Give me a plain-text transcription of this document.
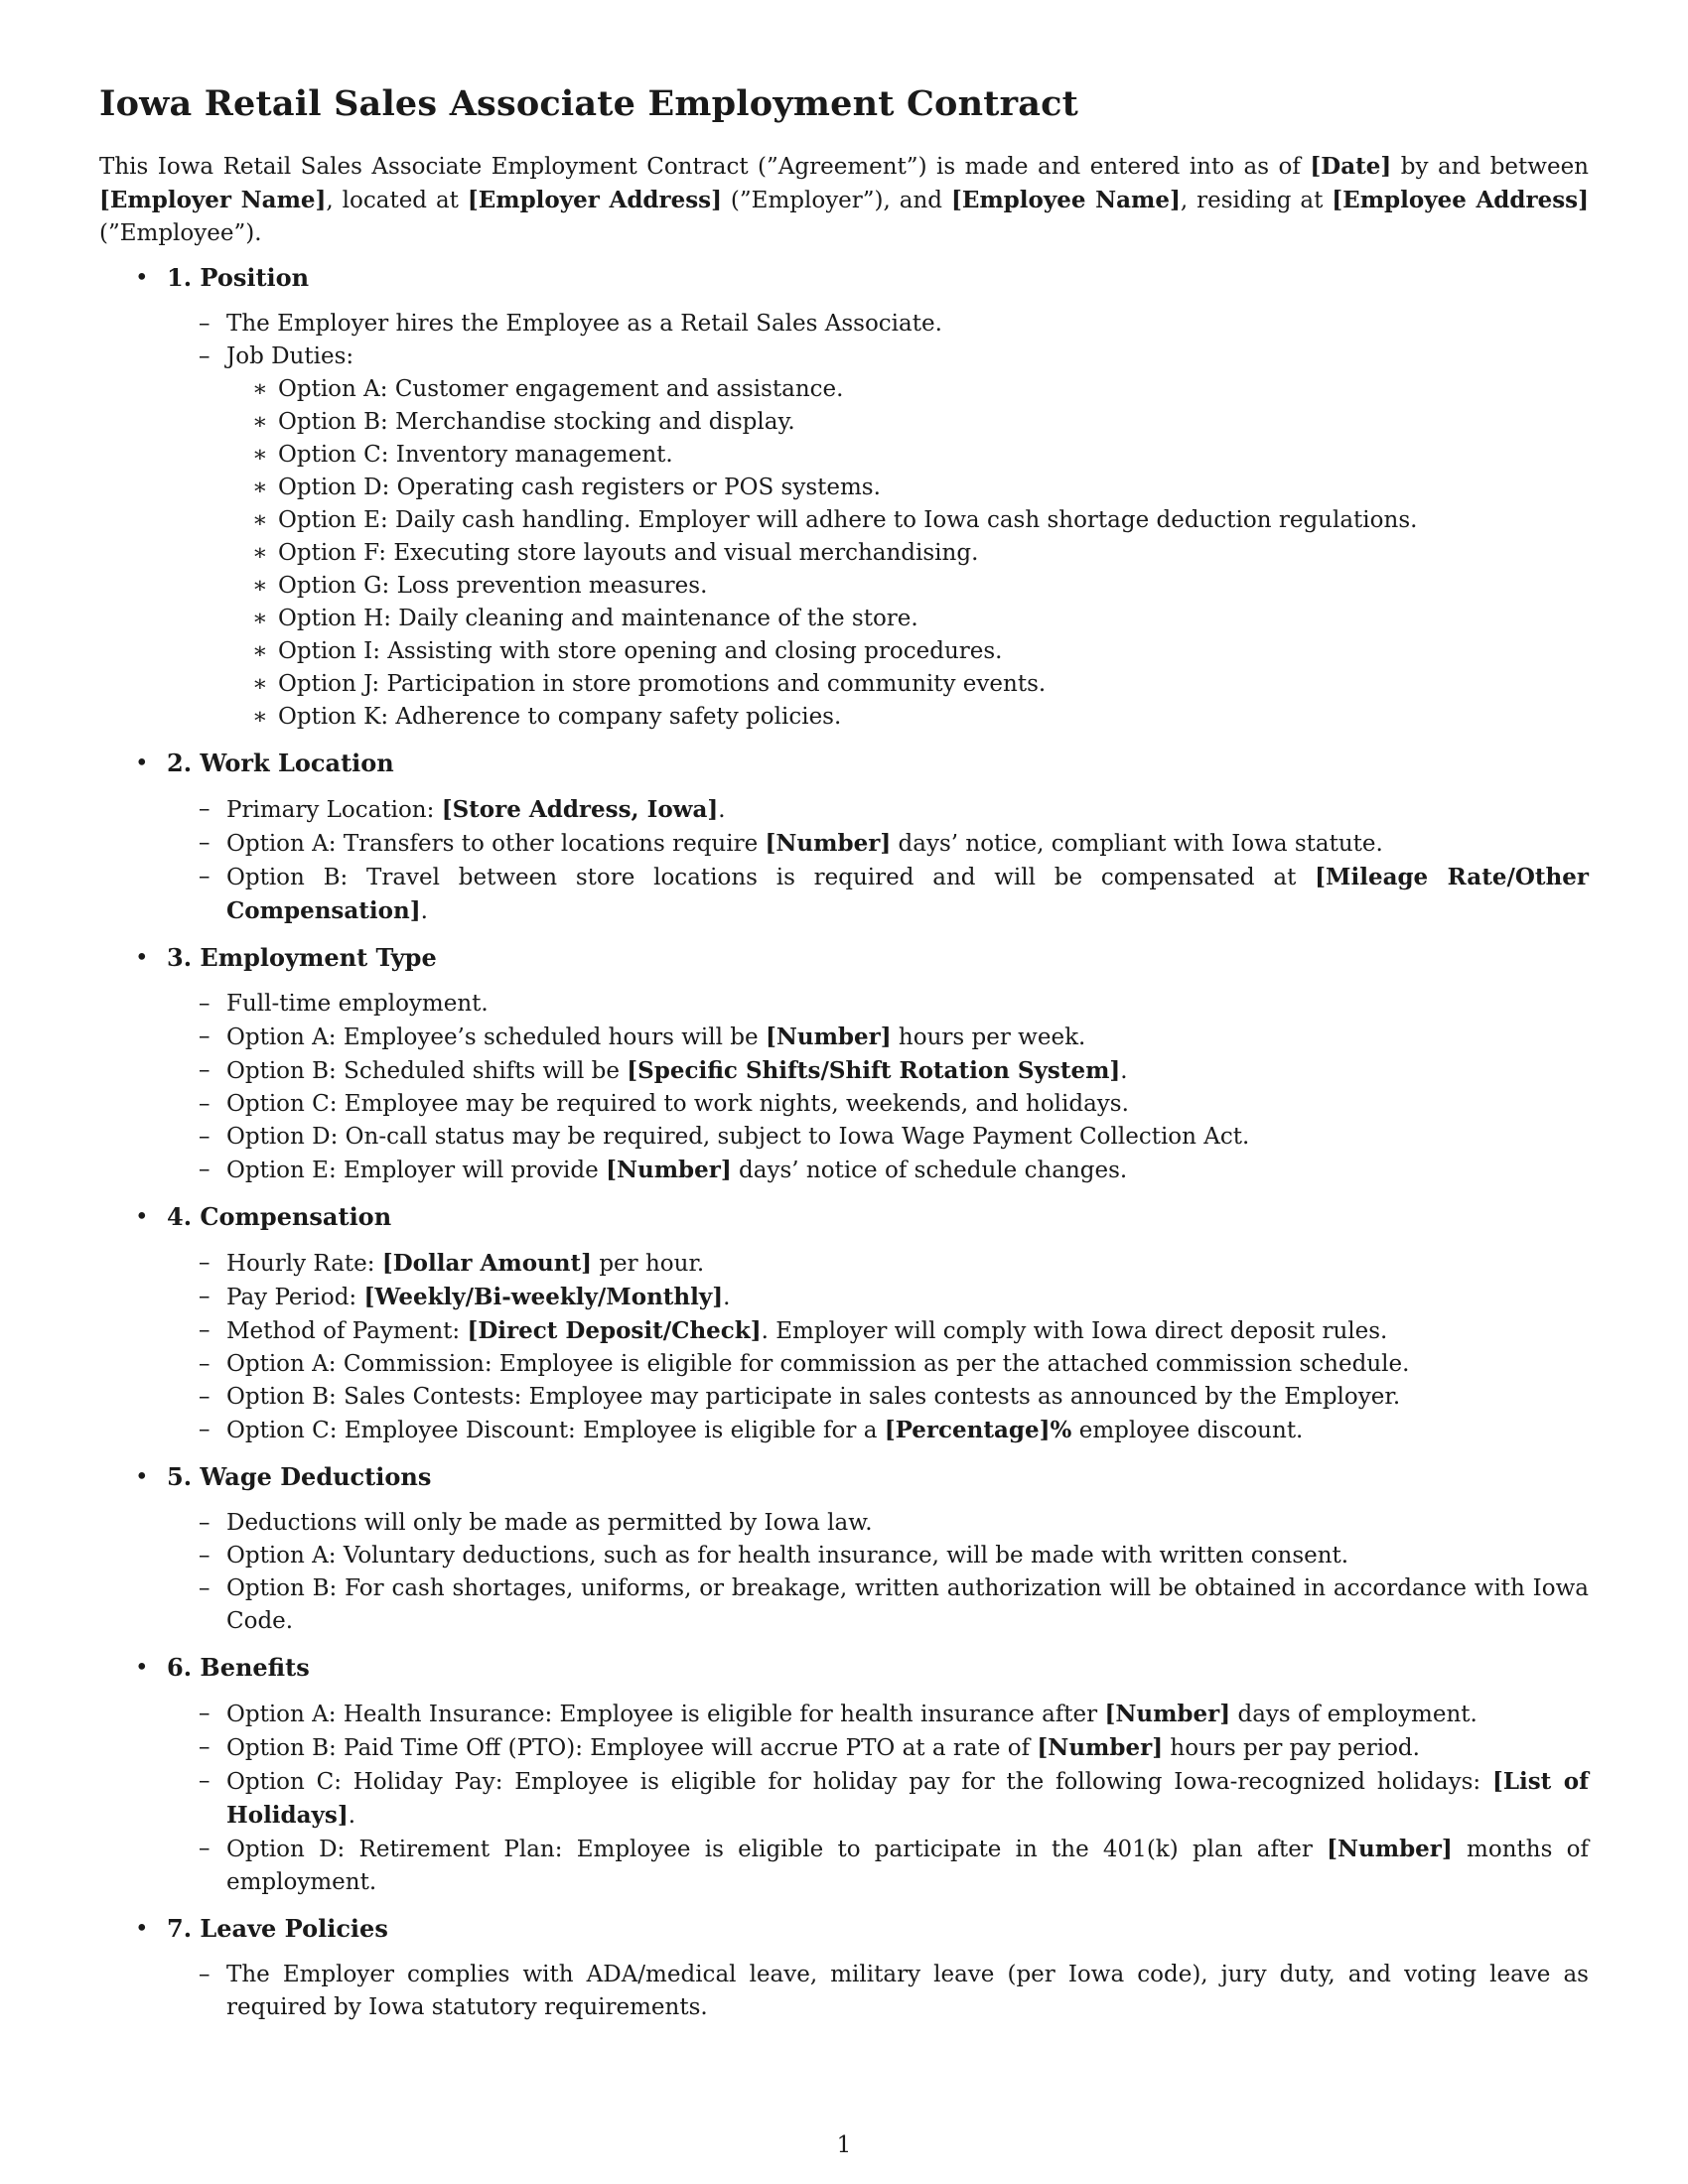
Iowa Retail Sales Associate Employment Contract

This Iowa Retail Sales Associate Employment Contract (”Agreement”) is made and entered into as of [Date] by and between [Employer Name], located at [Employer Address] (”Employer”), and [Employee Name], residing at [Employee Address] (”Employee”).

• 1. Position
– The Employer hires the Employee as a Retail Sales Associate.
– Job Duties:
∗ Option A: Customer engagement and assistance.
∗ Option B: Merchandise stocking and display.
∗ Option C: Inventory management.
∗ Option D: Operating cash registers or POS systems.
∗ Option E: Daily cash handling. Employer will adhere to Iowa cash shortage deduction regulations.
∗ Option F: Executing store layouts and visual merchandising.
∗ Option G: Loss prevention measures.
∗ Option H: Daily cleaning and maintenance of the store.
∗ Option I: Assisting with store opening and closing procedures.
∗ Option J: Participation in store promotions and community events.
∗ Option K: Adherence to company safety policies.
• 2. Work Location
– Primary Location: [Store Address, Iowa].
– Option A: Transfers to other locations require [Number] days’ notice, compliant with Iowa statute.
– Option B: Travel between store locations is required and will be compensated at [Mileage Rate/Other Compensation].
• 3. Employment Type
– Full-time employment.
– Option A: Employee’s scheduled hours will be [Number] hours per week.
– Option B: Scheduled shifts will be [Specific Shifts/Shift Rotation System].
– Option C: Employee may be required to work nights, weekends, and holidays.
– Option D: On-call status may be required, subject to Iowa Wage Payment Collection Act.
– Option E: Employer will provide [Number] days’ notice of schedule changes.
• 4. Compensation
– Hourly Rate: [Dollar Amount] per hour.
– Pay Period: [Weekly/Bi-weekly/Monthly].
– Method of Payment: [Direct Deposit/Check]. Employer will comply with Iowa direct deposit rules.
– Option A: Commission: Employee is eligible for commission as per the attached commission schedule.
– Option B: Sales Contests: Employee may participate in sales contests as announced by the Employer.
– Option C: Employee Discount: Employee is eligible for a [Percentage]% employee discount.
• 5. Wage Deductions
– Deductions will only be made as permitted by Iowa law.
– Option A: Voluntary deductions, such as for health insurance, will be made with written consent.
– Option B: For cash shortages, uniforms, or breakage, written authorization will be obtained in accordance with Iowa Code.
• 6. Benefits
– Option A: Health Insurance: Employee is eligible for health insurance after [Number] days of employment.
– Option B: Paid Time Off (PTO): Employee will accrue PTO at a rate of [Number] hours per pay period.
– Option C: Holiday Pay: Employee is eligible for holiday pay for the following Iowa-recognized holidays: [List of Holidays].
– Option D: Retirement Plan: Employee is eligible to participate in the 401(k) plan after [Number] months of employment.
• 7. Leave Policies
– The Employer complies with ADA/medical leave, military leave (per Iowa code), jury duty, and voting leave as required by Iowa statutory requirements.
1
